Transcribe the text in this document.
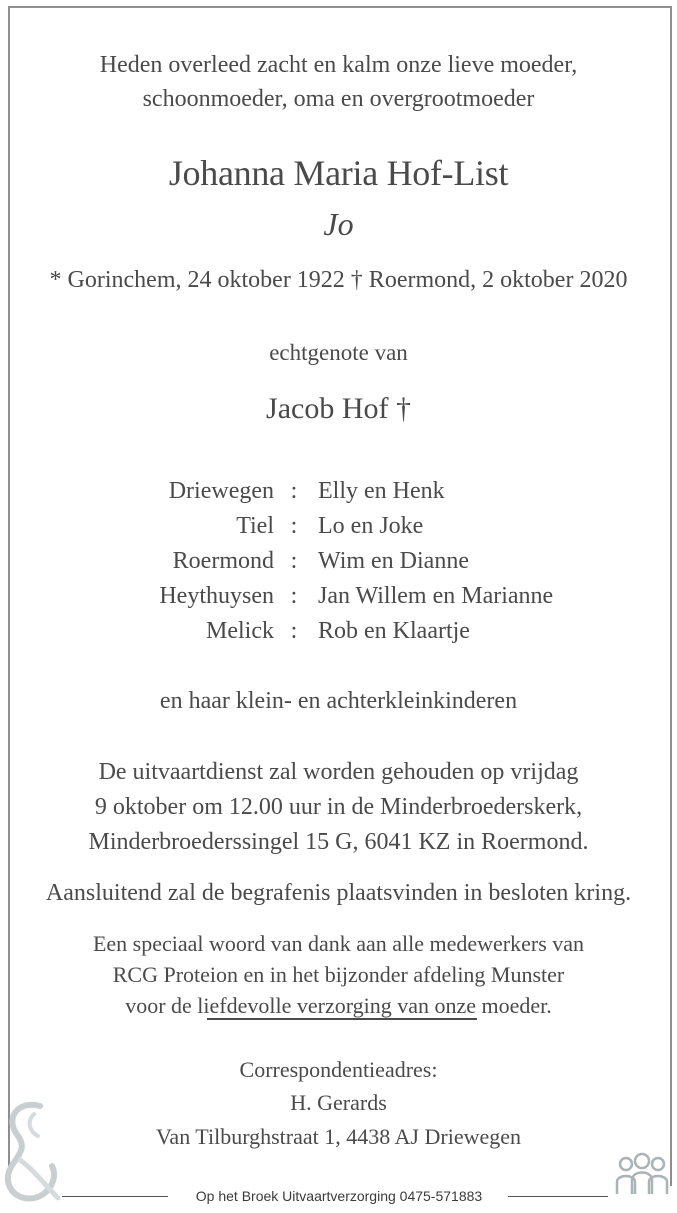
Heden overleed zacht en kalm onze lieve moeder,
schoonmoeder, oma en overgrootmoeder
Johanna Maria Hof-List
Jo
* Gorinchem, 24 oktober 1922 † Roermond, 2 oktober 2020
echtgenote van
Jacob Hof †
Driewegen : Elly en Henk
Tiel : Lo en Joke
Roermond : Wim en Dianne
Heythuysen : Jan Willem en Marianne
Melick : Rob en Klaartje
en haar klein- en achterkleinkinderen
De uitvaartdienst zal worden gehouden op vrijdag
9 oktober om 12.00 uur in de Minderbroederskerk,
Minderbroederssingel 15 G, 6041 KZ in Roermond.
Aansluitend zal de begrafenis plaatsvinden in besloten kring.
Een speciaal woord van dank aan alle medewerkers van
RCG Proteion en in het bijzonder afdeling Munster
voor de liefdevolle verzorging van onze moeder.
Correspondentieadres:
H. Gerards
Van Tilburghstraat 1, 4438 AJ Driewegen
Op het Broek Uitvaartverzorging 0475-571883
